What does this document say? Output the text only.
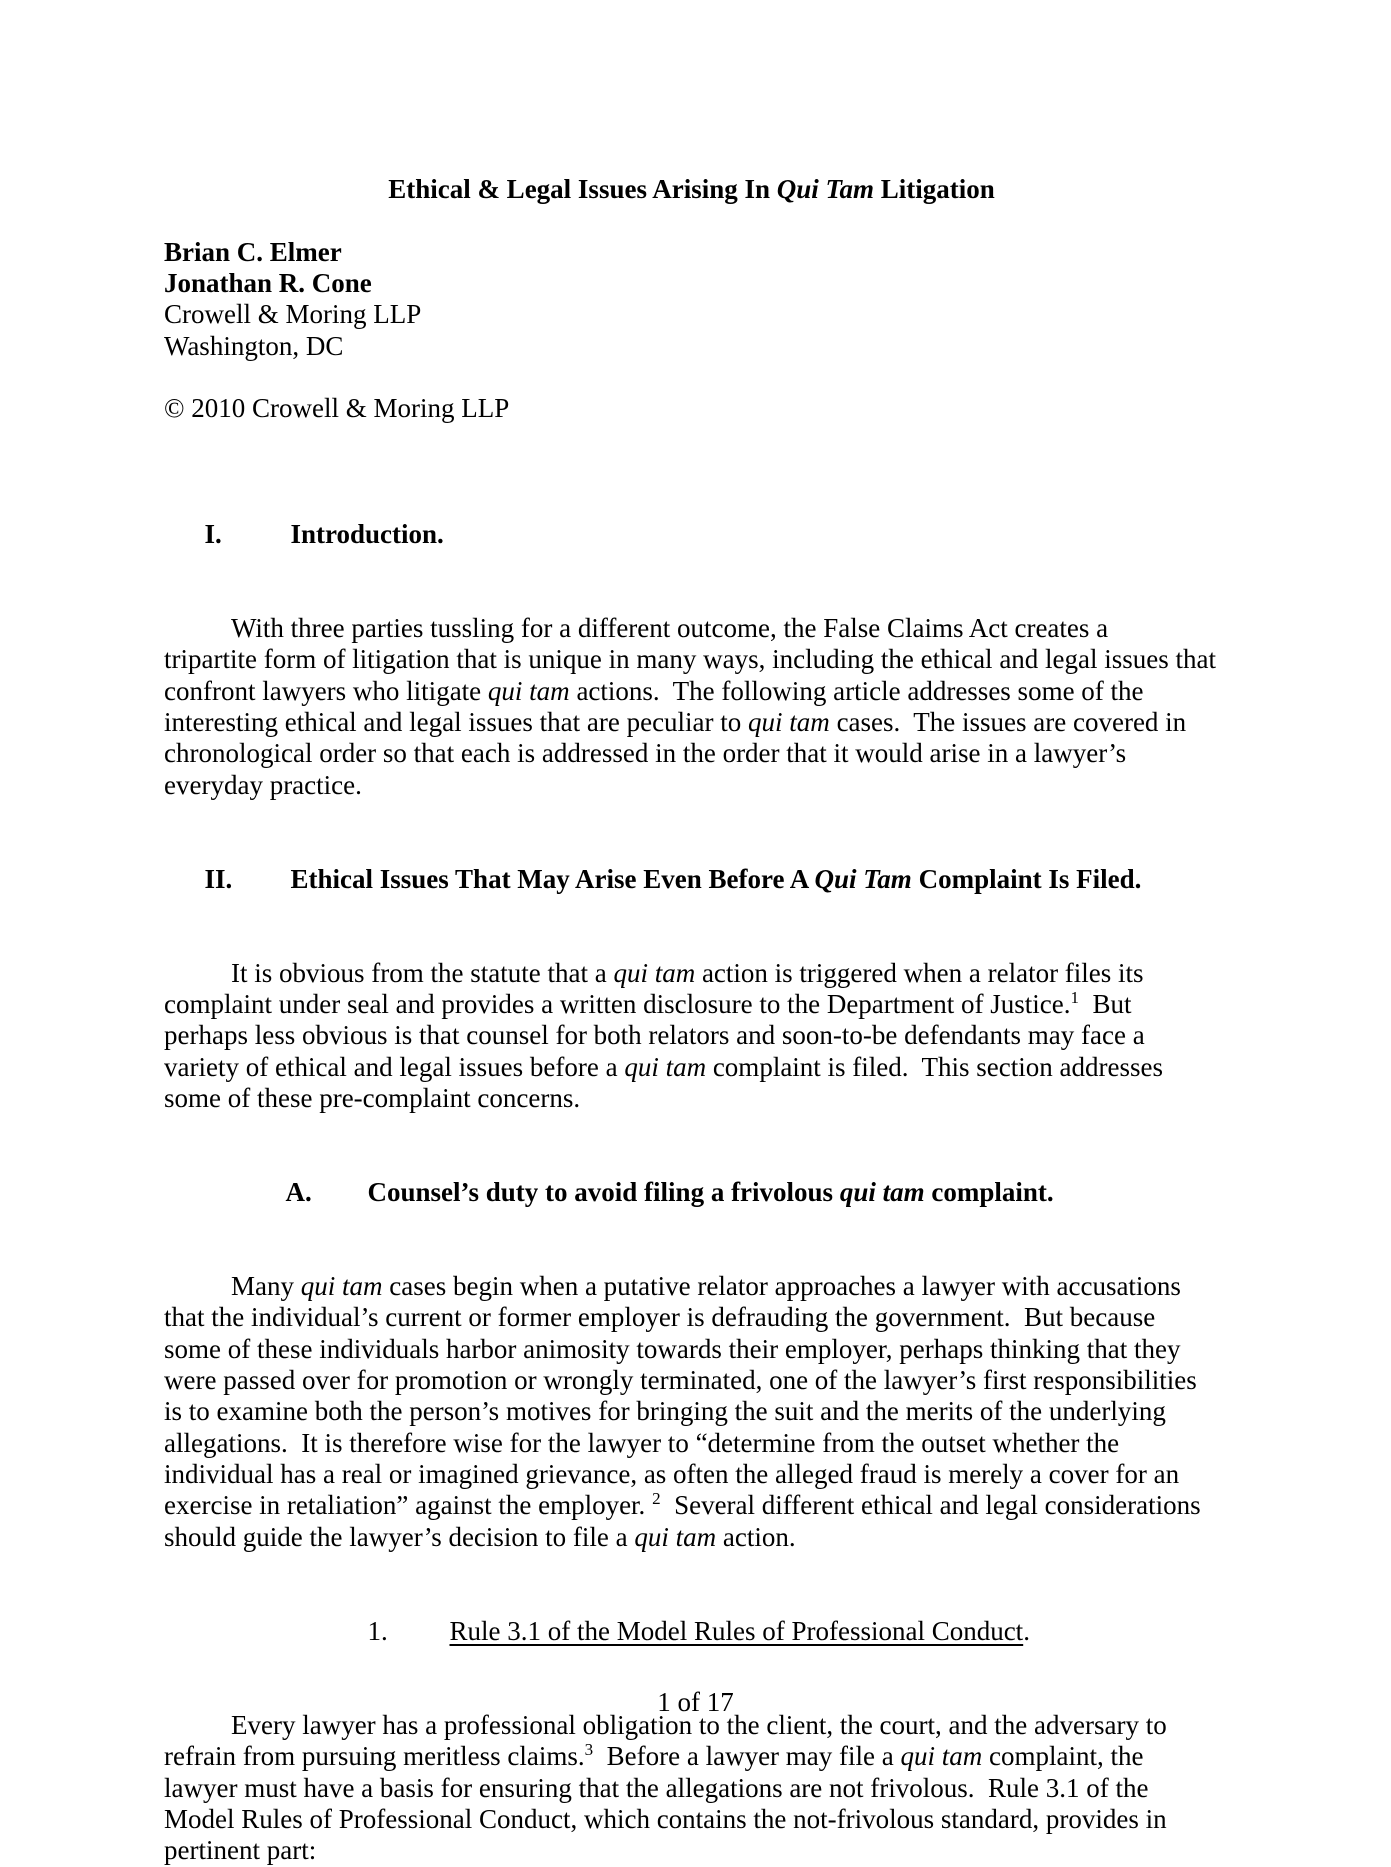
Ethical & Legal Issues Arising In Qui Tam Litigation
Brian C. Elmer
Jonathan R. Cone
Crowell & Moring LLP
Washington, DC
© 2010 Crowell & Moring LLP

I.	Introduction.

With three parties tussling for a different outcome, the False Claims Act creates a
tripartite form of litigation that is unique in many ways, including the ethical and legal issues that
confront lawyers who litigate qui tam actions.  The following article addresses some of the
interesting ethical and legal issues that are peculiar to qui tam cases.  The issues are covered in
chronological order so that each is addressed in the order that it would arise in a lawyer’s
everyday practice.

II. Ethical Issues That May Arise Even Before A Qui Tam Complaint Is Filed.

It is obvious from the statute that a qui tam action is triggered when a relator files its
complaint under seal and provides a written disclosure to the Department of Justice.$^1$  But
perhaps less obvious is that counsel for both relators and soon-to-be defendants may face a
variety of ethical and legal issues before a qui tam complaint is filed.  This section addresses
some of these pre-complaint concerns.

A. Counsel’s duty to avoid filing a frivolous qui tam complaint.

Many qui tam cases begin when a putative relator approaches a lawyer with accusations
that the individual’s current or former employer is defrauding the government.  But because
some of these individuals harbor animosity towards their employer, perhaps thinking that they
were passed over for promotion or wrongly terminated, one of the lawyer’s first responsibilities
is to examine both the person’s motives for bringing the suit and the merits of the underlying
allegations.  It is therefore wise for the lawyer to “determine from the outset whether the
individual has a real or imagined grievance, as often the alleged fraud is merely a cover for an
exercise in retaliation” against the employer. $^2$  Several different ethical and legal considerations
should guide the lawyer’s decision to file a qui tam action.

1. Rule 3.1 of the Model Rules of Professional Conduct.

Every lawyer has a professional obligation to the client, the court, and the adversary to
refrain from pursuing meritless claims.$^3$  Before a lawyer may file a qui tam complaint, the
lawyer must have a basis for ensuring that the allegations are not frivolous.  Rule 3.1 of the
Model Rules of Professional Conduct, which contains the not-frivolous standard, provides in
pertinent part:
1 of 17
